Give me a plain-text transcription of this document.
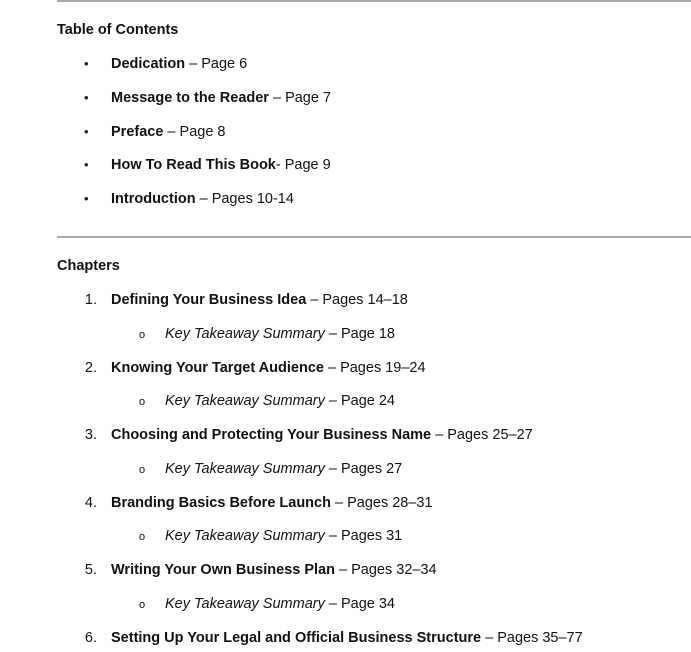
Table of Contents
• Dedication – Page 6
• Message to the Reader – Page 7
• Preface – Page 8
• How To Read This Book- Page 9
• Introduction – Pages 10-14
Chapters
1. Defining Your Business Idea – Pages 14–18
o Key Takeaway Summary – Page 18
2. Knowing Your Target Audience – Pages 19–24
o Key Takeaway Summary – Page 24
3. Choosing and Protecting Your Business Name – Pages 25–27
o Key Takeaway Summary – Pages 27
4. Branding Basics Before Launch – Pages 28–31
o Key Takeaway Summary – Pages 31
5. Writing Your Own Business Plan – Pages 32–34
o Key Takeaway Summary – Page 34
6. Setting Up Your Legal and Official Business Structure – Pages 35–77
